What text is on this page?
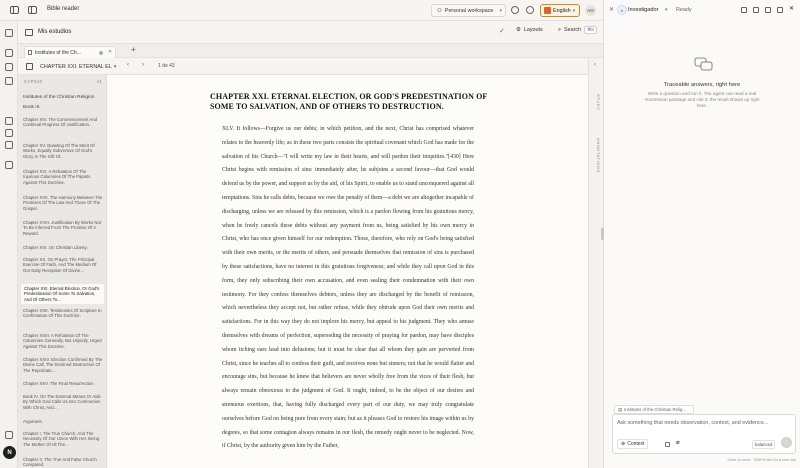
N
Bible reader	⚇ Personal workspace ▾	English ▾	AO
Mis estudios	✓ ⚙ Layouts	⌕ Search	⌘K
Institutes of the Ch...	✕ +
CHAPTER XXI. ETERNAL EL ▾ ‹ ›	1 de 43
CAPS10	44
Institutes of the Christian Religion
Book III.
Chapter XIV. The Commencement And Continual Progress Of Justification.
Chapter XV. Boasting Of The Merit Of Works, Equally Subversive Of God's Glory In The Gift Of...
Chapter XVI. A Refutation Of The Injurious Calumnies Of The Papists Against This Doctrine.
Chapter XVII. The Harmony Between The Promises Of The Law And Those Of The Gospel.
Chapter XVIII. Justification By Works Not To Be Inferred From The Promise Of A Reward.
Chapter XIX. On Christian Liberty.
Chapter XX. On Prayer, The Principal Exercise Of Faith, And The Medium Of Our Daily Reception Of Divine...
Chapter XXI. Eternal Election, Or God's Predestination Of Some To Salvation, And Of Others To...
Chapter XXII. Testimonies Of Scripture In Confirmation Of This Doctrine.
Chapter XXIII. A Refutation Of The Calumnies Generally, But Unjustly, Urged Against This Doctrine.
Chapter XXIV. Election Confirmed By The Divine Call. The Destined Destruction Of The Reprobate...
Chapter XXV. The Final Resurrection.
Book IV. On The External Means Or Aids By Which God Calls Us Into Communion With Christ, And...
Argument.
Chapter I. The True Church, And The Necessity Of Our Union With Her, Being The Mother Of All The...
Chapter II. The True And False Church Compared.
CHAPTER XXI. ETERNAL ELECTION, OR GOD'S PREDESTINATION OF SOME TO SALVATION, AND OF OTHERS TO DESTRUCTION.
XLV. It follows—Forgive us our debts; in which petition, and the next, Christ has comprised whatever relates to the heavenly life; as in these two parts consists the spiritual covenant which God has made for the salvation of his Church—"I will write my law in their hearts, and will pardon their iniquities."[430] Here Christ begins with remission of sins: immediately after, he subjoins a second favour—that God would defend us by the power, and support us by the aid, of his Spirit, to enable us to stand unconquered against all temptations. Sins he calls debts, because we owe the penalty of them—a debt we are altogether incapable of discharging, unless we are released by this remission, which is a pardon flowing from his gratuitous mercy, when he freely cancels these debts without any payment from us, being satisfied by his own mercy in Christ, who has once given himself for our redemption. Those, therefore, who rely on God's being satisfied with their own merits, or the merits of others, and persuade themselves that remission of sins is purchased by these satisfactions, have no interest in this gratuitous forgiveness; and while they call upon God in this form, they only subscribing their own accusation, and even sealing their condemnation with their own testimony. For they confess themselves debtors, unless they are discharged by the benefit of remission, which nevertheless they accept not, but rather refuse, while they obtrude upon God their own merits and satisfactions. For in this way they do not implore his mercy, but appeal to his judgment. They who amuse themselves with dreams of perfection, superseding the necessity of praying for pardon, may have disciples whom itching ears lead into delusions; but it must be clear that all whom they gain are perverted from Christ, since he teaches all to confess their guilt, and receives none but sinners; not that he would flatter and encourage sins, but because he knew that believers are never wholly free from the vices of their flesh, but always remain obnoxious to the judgment of God. It ought, indeed, to be the object of our desires and strenuous exertions, that, having fully discharged every part of our duty, we may truly congratulate ourselves before God on being pure from every stain; but as it pleases God to restore his image within us by degrees, so that some contagion always remains in our flesh, the remedy ought never to be neglected. Now, if Christ, by the authority given him by the Father,
‹
STUDY
ANNOTATIONS
✕	b Investigador ▾ Ready	✕
Traceable answers, right here
Write a question and run it. The agent can read a real YouVersion passage and cite it; the result shows up right here.
▤ Institutes of the Christian Relig...
Ask something that needs observation, context, and evidence...
⊕ Context	⌀	balanced	↑
Enter to send · Shift+Enter for a new line
